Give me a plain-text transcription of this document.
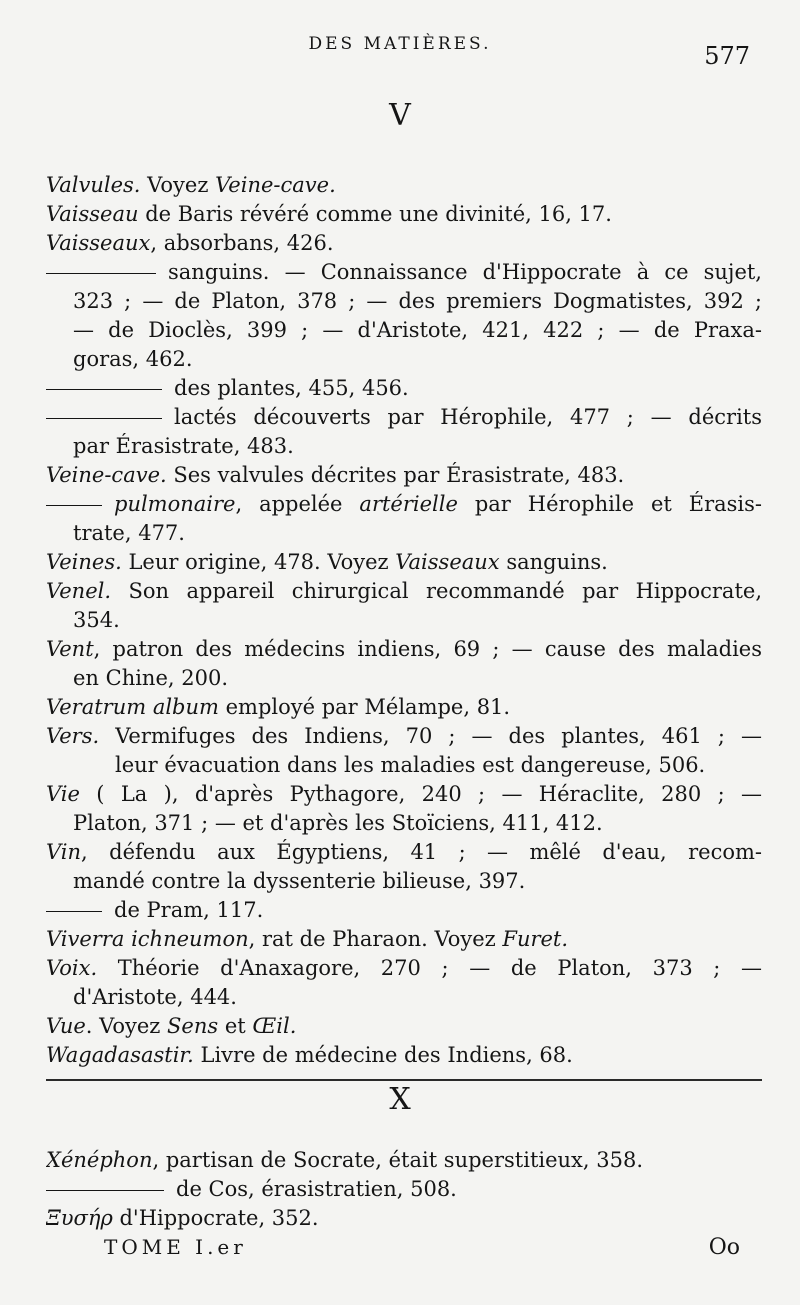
DES MATIÈRES.	577
V
Valvules. Voyez Veine-cave.
Vaisseau de Baris révéré comme une divinité, 16, 17.
Vaisseaux, absorbans, 426.
sanguins. — Connaissance d'Hippocrate à ce sujet,
323 ; — de Platon, 378 ; — des premiers Dogmatistes, 392 ;
— de Dioclès, 399 ; — d'Aristote, 421, 422 ; — de Praxa-
goras, 462.
des plantes, 455, 456.
lactés découverts par Hérophile, 477 ; — décrits
par Érasistrate, 483.
Veine-cave. Ses valvules décrites par Érasistrate, 483.
pulmonaire, appelée artérielle par Hérophile et Érasis-
trate, 477.
Veines. Leur origine, 478. Voyez Vaisseaux sanguins.
Venel. Son appareil chirurgical recommandé par Hippocrate,
354.
Vent, patron des médecins indiens, 69 ; — cause des maladies
en Chine, 200.
Veratrum album employé par Mélampe, 81.
Vers. Vermifuges des Indiens, 70 ; — des plantes, 461 ; —
leur évacuation dans les maladies est dangereuse, 506.
Vie ( La ), d'après Pythagore, 240 ; — Héraclite, 280 ; —
Platon, 371 ; — et d'après les Stoïciens, 411, 412.
Vin, défendu aux Égyptiens, 41 ; — mêlé d'eau, recom-
mandé contre la dyssenterie bilieuse, 397.
de Pram, 117.
Viverra ichneumon, rat de Pharaon. Voyez Furet.
Voix. Théorie d'Anaxagore, 270 ; — de Platon, 373 ; —
d'Aristote, 444.
Vue. Voyez Sens et Œil.
Wagadasastir. Livre de médecine des Indiens, 68.
X
Xénéphon, partisan de Socrate, était superstitieux, 358.
de Cos, érasistratien, 508.
Ξυσήρ d'Hippocrate, 352.
TOME I.er	Oo
